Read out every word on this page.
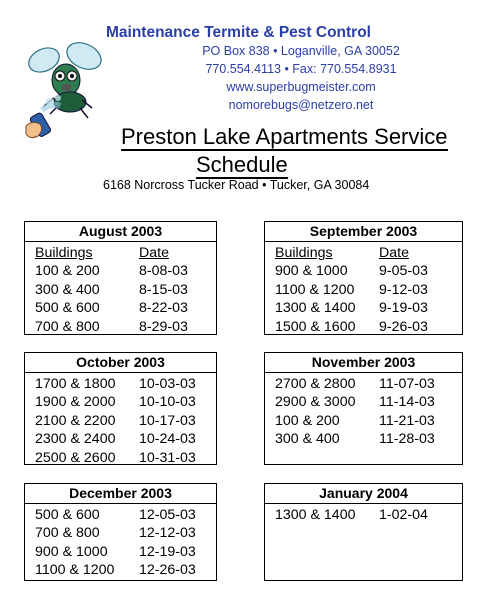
Maintenance Termite & Pest Control
PO Box 838 • Loganville, GA 30052
770.554.4113 • Fax: 770.554.8931
www.superbugmeister.com
nomorebugs@netzero.net
Preston Lake Apartments Service
Schedule
6168 Norcross Tucker Road • Tucker, GA 30084
August 2003
Buildings	Date
100 & 200	8-08-03
300 & 400	8-15-03
500 & 600	8-22-03
700 & 800	8-29-03
September 2003
Buildings	Date
900 & 1000 9-05-03
1100 & 1200 9-12-03
1300 & 1400 9-19-03
1500 & 1600 9-26-03
October 2003
1700 & 1800 10-03-03
1900 & 2000 10-10-03
2100 & 2200 10-17-03
2300 & 2400 10-24-03
2500 & 2600 10-31-03
November 2003
2700 & 2800 11-07-03
2900 & 3000 11-14-03
100 & 200	11-21-03
300 & 400	11-28-03
December 2003
500 & 600	12-05-03
700 & 800	12-12-03
900 & 1000 12-19-03
1100 & 1200 12-26-03
January 2004
1300 & 1400 1-02-04
